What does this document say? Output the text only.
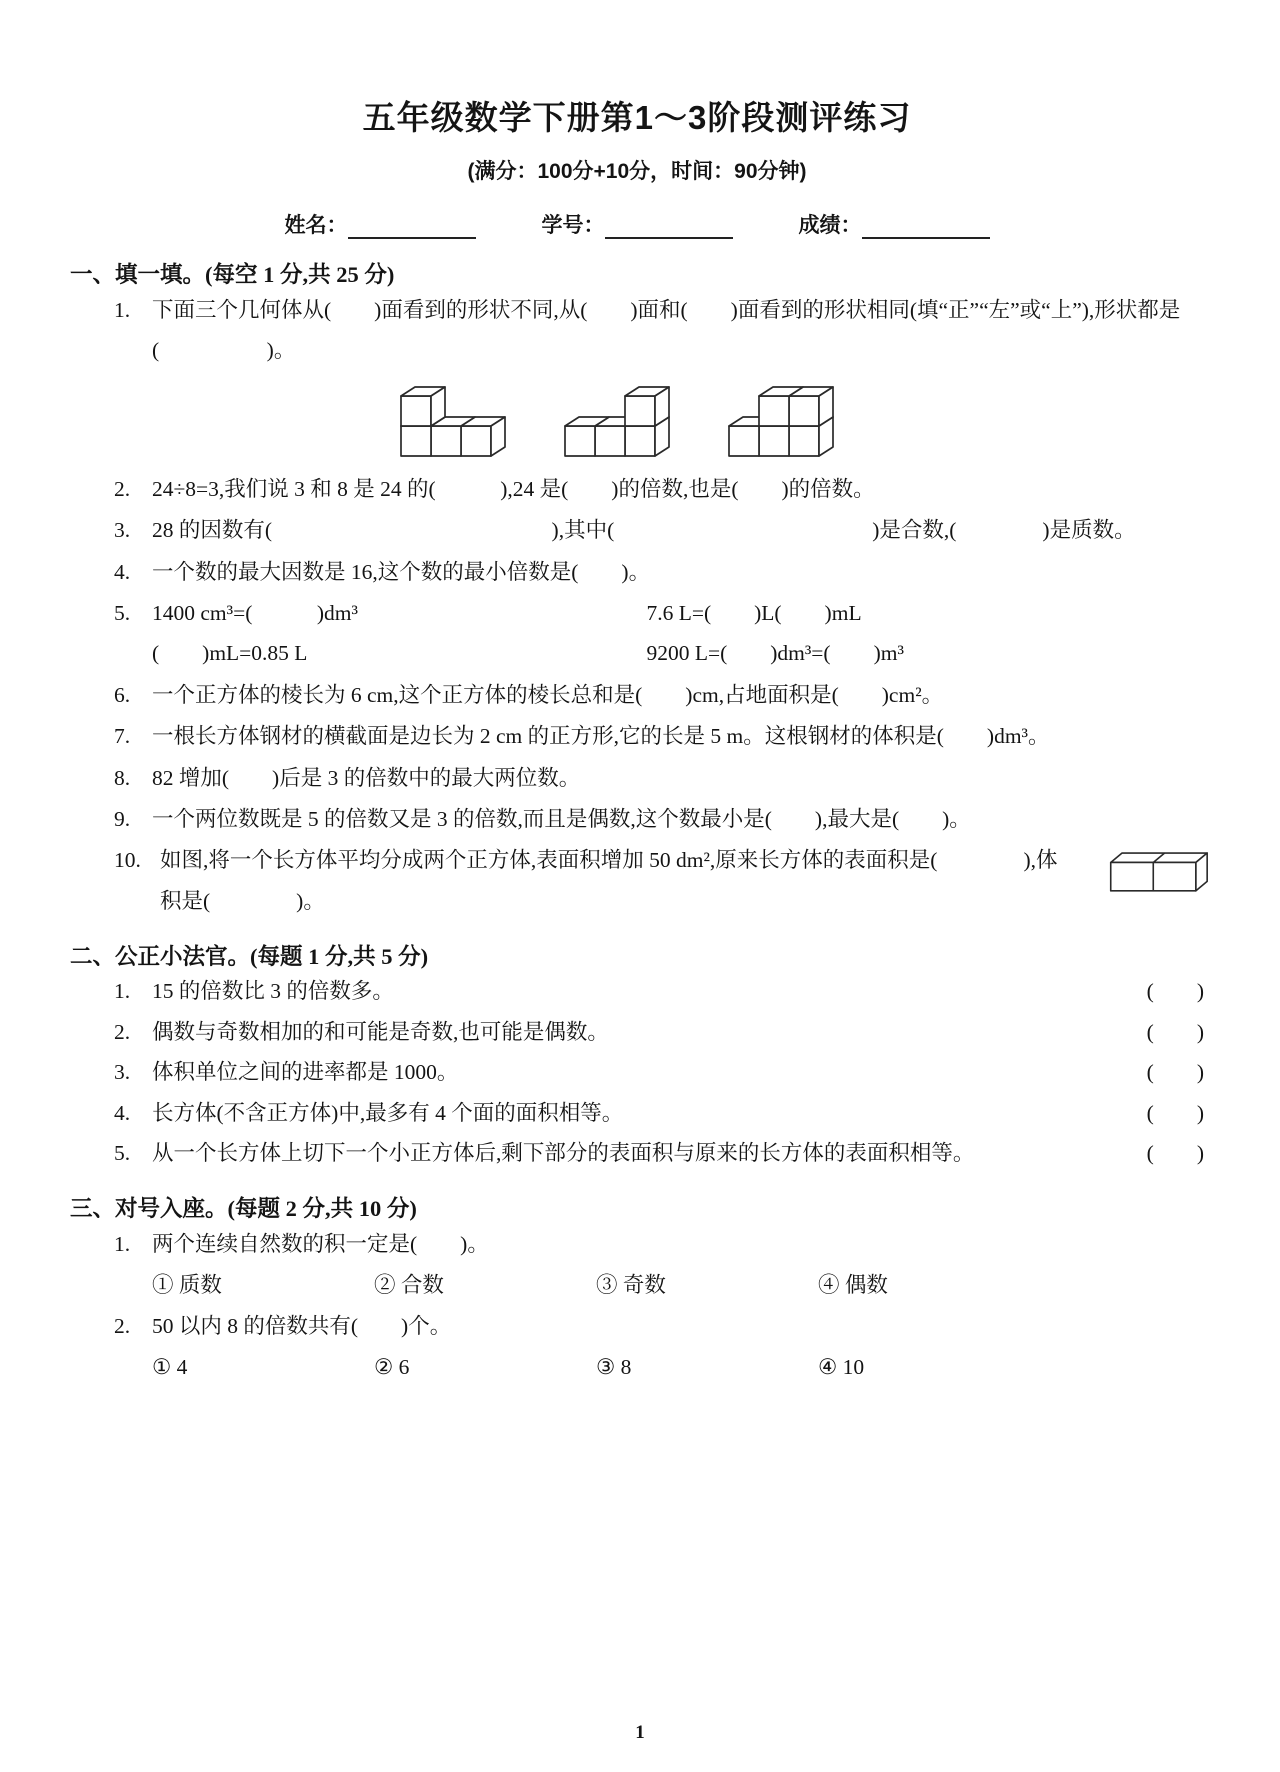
五年级数学下册第1～3阶段测评练习
(满分：100分+10分，时间：90分钟)
姓名：	学号：	成绩：
一、填一填。(每空 1 分,共 25 分)
1.	下面三个几何体从(　　)面看到的形状不同,从(　　)面和(　　)面看到的形状相同(填“正”“左”或“上”),形状都是(　　　　　)。
2.	24÷8=3,我们说 3 和 8 是 24 的(　　　),24 是(　　)的倍数,也是(　　)的倍数。
3.	28 的因数有(　　　　　　　　　　　　　),其中(　　　　　　　　　　　　)是合数,(　　　　)是质数。
4.	一个数的最大因数是 16,这个数的最小倍数是(　　)。
5.	1400 cm³=(　　　)dm³	7.6 L=(　　)L(　　)mL
(　　)mL=0.85 L	9200 L=(　　)dm³=(　　)m³
6.	一个正方体的棱长为 6 cm,这个正方体的棱长总和是(　　)cm,占地面积是(　　)cm²。
7.	一根长方体钢材的横截面是边长为 2 cm 的正方形,它的长是 5 m。这根钢材的体积是(　　)dm³。
8.	82 增加(　　)后是 3 的倍数中的最大两位数。
9.	一个两位数既是 5 的倍数又是 3 的倍数,而且是偶数,这个数最小是(　　),最大是(　　)。
10. 如图,将一个长方体平均分成两个正方体,表面积增加 50 dm²,原来长方体的表面积是(　　　　),体积是(　　　　)。
二、公正小法官。(每题 1 分,共 5 分)
1.	15 的倍数比 3 的倍数多。	(　　)
2.	偶数与奇数相加的和可能是奇数,也可能是偶数。	(　　)
3.	体积单位之间的进率都是 1000。	(　　)
4.	长方体(不含正方体)中,最多有 4 个面的面积相等。	(　　)
5.	从一个长方体上切下一个小正方体后,剩下部分的表面积与原来的长方体的表面积相等。	(　　)
三、对号入座。(每题 2 分,共 10 分)
1.	两个连续自然数的积一定是(　　)。
① 质数	② 合数	③ 奇数	④ 偶数
2.	50 以内 8 的倍数共有(　　)个。
① 4	② 6	③ 8	④ 10
1
